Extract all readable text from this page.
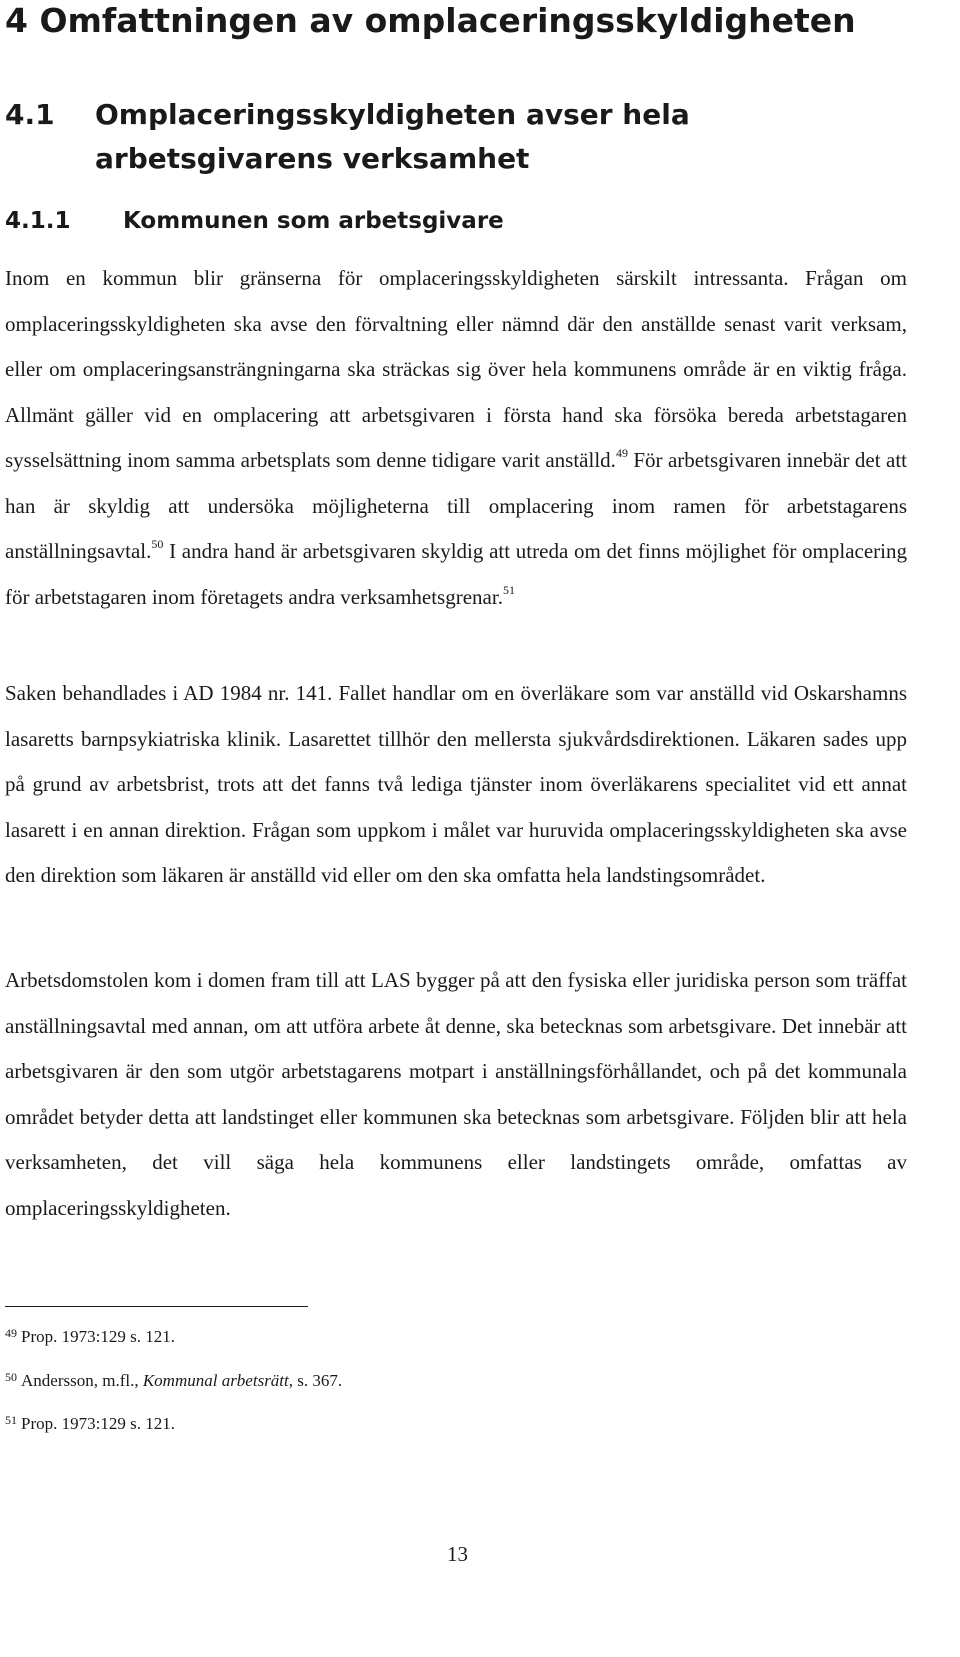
4 Omfattningen av omplaceringsskyldigheten
4.1 Omplaceringsskyldigheten avser hela arbetsgivarens verksamhet
4.1.1 Kommunen som arbetsgivare

Inom en kommun blir gränserna för omplaceringsskyldigheten särskilt intressanta. Frågan om omplaceringsskyldigheten ska avse den förvaltning eller nämnd där den anställde senast varit verksam, eller om omplaceringsansträngningarna ska sträckas sig över hela kommunens område är en viktig fråga. Allmänt gäller vid en omplacering att arbetsgivaren i första hand ska försöka bereda arbetstagaren sysselsättning inom samma arbetsplats som denne tidigare varit anställd.$^{49}$ För arbetsgivaren innebär det att han är skyldig att undersöka möjligheterna till omplacering inom ramen för arbetstagarens anställningsavtal.$^{50}$ I andra hand är arbetsgivaren skyldig att utreda om det finns möjlighet för omplacering för arbetstagaren inom företagets andra verksamhetsgrenar.$^{51}$

Saken behandlades i AD 1984 nr. 141. Fallet handlar om en överläkare som var anställd vid Oskarshamns lasaretts barnpsykiatriska klinik. Lasarettet tillhör den mellersta sjukvårdsdirektionen. Läkaren sades upp på grund av arbetsbrist, trots att det fanns två lediga tjänster inom överläkarens specialitet vid ett annat lasarett i en annan direktion. Frågan som uppkom i målet var huruvida omplaceringsskyldigheten ska avse den direktion som läkaren är anställd vid eller om den ska omfatta hela landstingsområdet.

Arbetsdomstolen kom i domen fram till att LAS bygger på att den fysiska eller juridiska person som träffat anställningsavtal med annan, om att utföra arbete åt denne, ska betecknas som arbetsgivare. Det innebär att arbetsgivaren är den som utgör arbetstagarens motpart i anställningsförhållandet, och på det kommunala området betyder detta att landstinget eller kommunen ska betecknas som arbetsgivare. Följden blir att hela verksamheten, det vill säga hela kommunens eller landstingets område, omfattas av omplaceringsskyldigheten.

$^{49}$ Prop. 1973:129 s. 121.

$^{50}$ Andersson, m.fl., Kommunal arbetsrätt, s. 367.

$^{51}$ Prop. 1973:129 s. 121.

13
